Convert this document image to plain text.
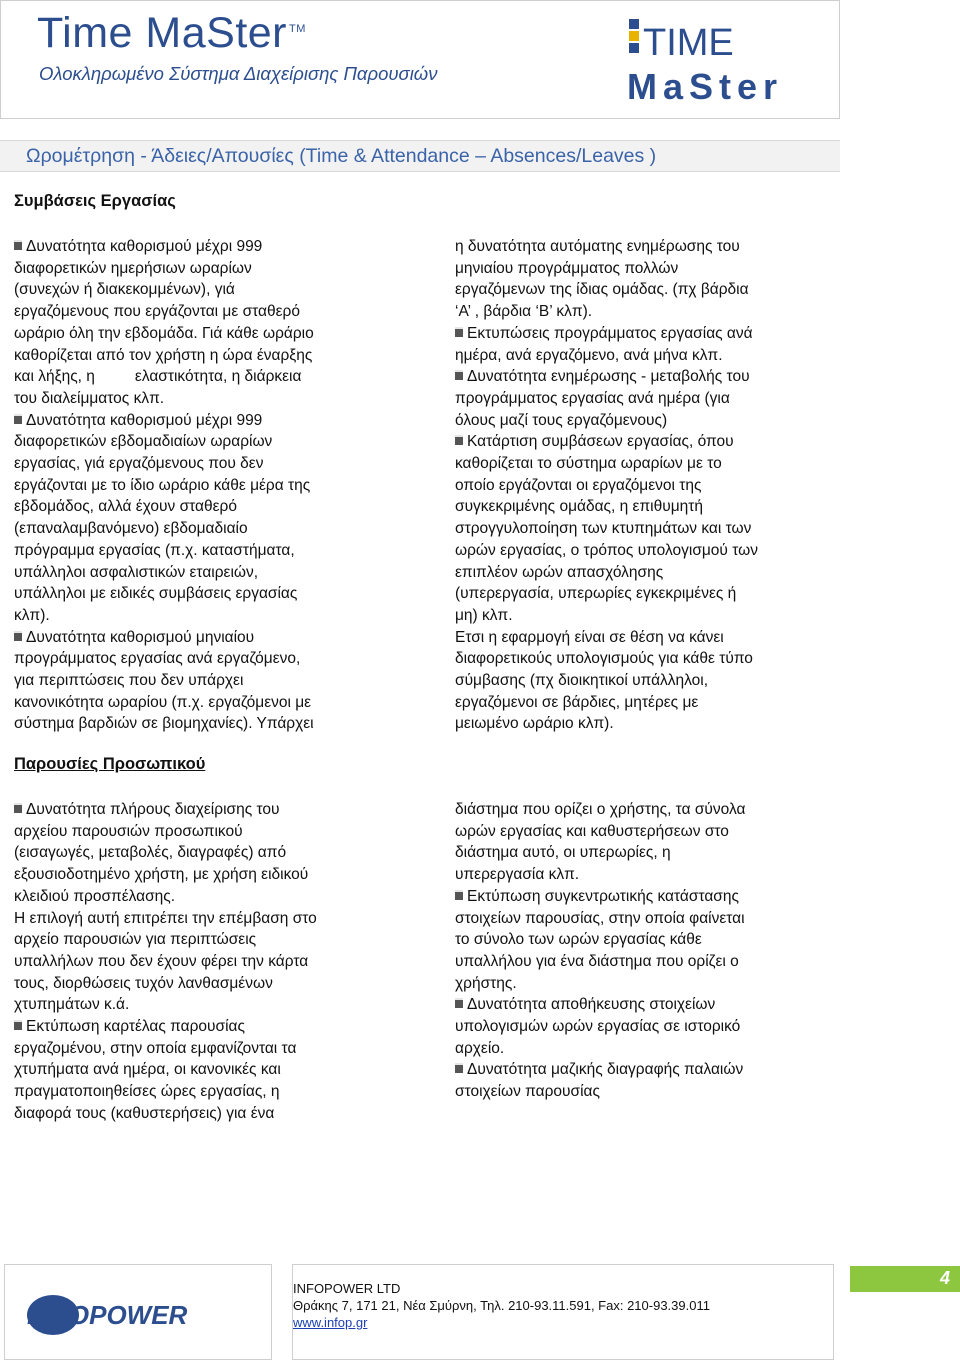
Time MaSter ™
Ολοκληρωμένο Σύστημα Διαχείρισης Παρουσιών
TIME
MaSter
Ωρομέτρηση - Άδειες/Απουσίες (Time & Attendance – Absences/Leaves )
Συμβάσεις Εργασίας

Δυνατότητα καθορισμού μέχρι 999

διαφορετικών ημερήσιων ωραρίων

(συνεχών ή διακεκομμένων), γιά

εργαζόμενους που εργάζονται με σταθερό

ωράριο όλη την εβδομάδα. Γιά κάθε ωράριο

καθορίζεται από τον χρήστη η ώρα έναρξης

και λήξης, η	ελαστικότητα, η διάρκεια

του διαλείμματος κλπ.

Δυνατότητα καθορισμού μέχρι 999

διαφορετικών εβδομαδιαίων ωραρίων

εργασίας, γιά εργαζόμενους που δεν

εργάζονται με το ίδιο ωράριο κάθε μέρα της

εβδομάδος, αλλά έχουν σταθερό

(επαναλαμβανόμενο) εβδομαδιαίο

πρόγραμμα εργασίας (π.χ. καταστήματα,

υπάλληλοι ασφαλιστικών εταιρειών,

υπάλληλοι με ειδικές συμβάσεις εργασίας

κλπ).

Δυνατότητα καθορισμού μηνιαίου

προγράμματος εργασίας ανά εργαζόμενο,

για περιπτώσεις που δεν υπάρχει

κανονικότητα ωραρίου (π.χ. εργαζόμενοι με

σύστημα βαρδιών σε βιομηχανίες). Υπάρχει

η δυνατότητα αυτόματης ενημέρωσης του

μηνιαίου προγράμματος πολλών

εργαζόμενων της ίδιας ομάδας. (πχ βάρδια

‘Α’ , βάρδια ‘Β’ κλπ).

Εκτυπώσεις προγράμματος εργασίας ανά

ημέρα, ανά εργαζόμενο, ανά μήνα κλπ.

Δυνατότητα ενημέρωσης - μεταβολής του

προγράμματος εργασίας ανά ημέρα (για

όλους μαζί τους εργαζόμενους)

Κατάρτιση συμβάσεων εργασίας, όπου

καθορίζεται το σύστημα ωραρίων με το

οποίο εργάζονται οι εργαζόμενοι της

συγκεκριμένης ομάδας, η επιθυμητή

στρογγυλοποίηση των κτυπημάτων και των

ωρών εργασίας, ο τρόπος υπολογισμού των

επιπλέον ωρών απασχόλησης

(υπερεργασία, υπερωρίες εγκεκριμένες ή

μη) κλπ.

Ετσι η εφαρμογή είναι σε θέση να κάνει

διαφορετικούς υπολογισμούς για κάθε τύπο

σύμβασης (πχ διοικητικοί υπάλληλοι,

εργαζόμενοι σε βάρδιες, μητέρες με

μειωμένο ωράριο κλπ).

Παρουσίες Προσωπικού

Δυνατότητα πλήρους διαχείρισης του

αρχείου παρουσιών προσωπικού

(εισαγωγές, μεταβολές, διαγραφές) από

εξουσιοδοτημένο χρήστη, με χρήση ειδικού

κλειδιού προσπέλασης.

Η επιλογή αυτή επιτρέπει την επέμβαση στο

αρχείο παρουσιών για περιπτώσεις

υπαλλήλων που δεν έχουν φέρει την κάρτα

τους, διορθώσεις τυχόν λανθασμένων

χτυπημάτων κ.ά.

Εκτύπωση καρτέλας παρουσίας

εργαζομένου, στην οποία εμφανίζονται τα

χτυπήματα ανά ημέρα, οι κανονικές και

πραγματοποιηθείσες ώρες εργασίας, η

διαφορά τους (καθυστερήσεις) για ένα

διάστημα που ορίζει ο χρήστης, τα σύνολα

ωρών εργασίας και καθυστερήσεων στο

διάστημα αυτό, οι υπερωρίες, η

υπερεργασία κλπ.

Εκτύπωση συγκεντρωτικής κατάστασης

στοιχείων παρουσίας, στην οποία φαίνεται

το σύνολο των ωρών εργασίας κάθε

υπαλλήλου για ένα διάστημα που ορίζει ο

χρήστης.

Δυνατότητα αποθήκευσης στοιχείων

υπολογισμών ωρών εργασίας σε ιστορικό

αρχείο.

Δυνατότητα μαζικής διαγραφής παλαιών

στοιχείων παρουσίας

INFOPOWER
INFOPOWER LTD
Θράκης 7, 171 21, Νέα Σμύρνη, Τηλ. 210-93.11.591, Fax: 210-93.39.011
www.infop.gr
4
